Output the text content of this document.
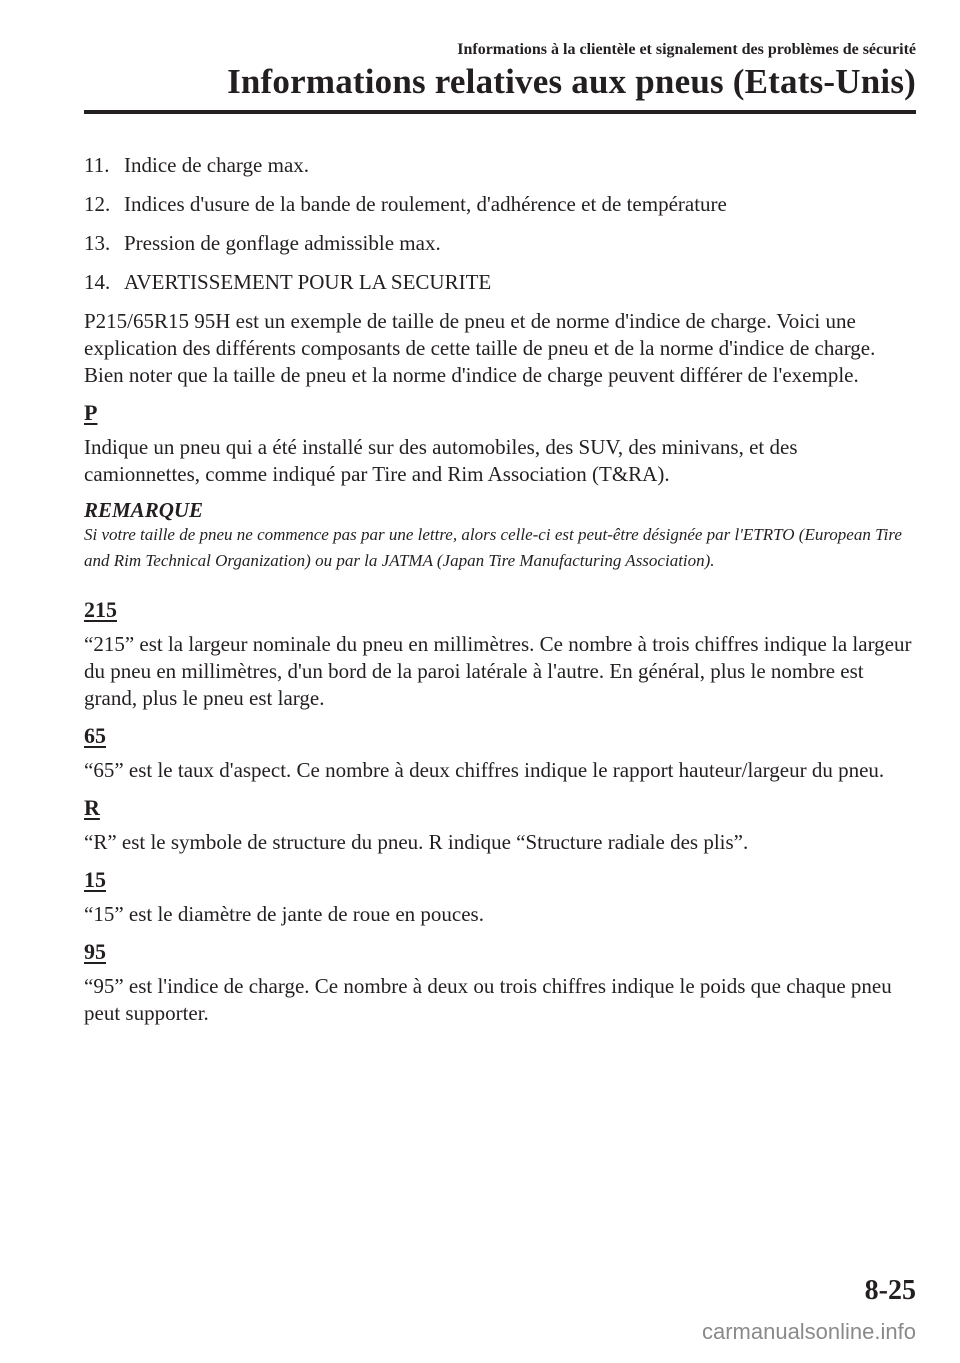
Informations à la clientèle et signalement des problèmes de sécurité

Informations relatives aux pneus (Etats-Unis)
11. Indice de charge max.
12. Indices d'usure de la bande de roulement, d'adhérence et de température
13. Pression de gonflage admissible max.
14. AVERTISSEMENT POUR LA SECURITE

P215/65R15 95H est un exemple de taille de pneu et de norme d'indice de charge. Voici une explication des différents composants de cette taille de pneu et de la norme d'indice de charge. Bien noter que la taille de pneu et la norme d'indice de charge peuvent différer de l'exemple.

P

Indique un pneu qui a été installé sur des automobiles, des SUV, des minivans, et des camionnettes, comme indiqué par Tire and Rim Association (T&RA).

REMARQUE

Si votre taille de pneu ne commence pas par une lettre, alors celle-ci est peut-être désignée par l'ETRTO (European Tire and Rim Technical Organization) ou par la JATMA (Japan Tire Manufacturing Association).

215

“215” est la largeur nominale du pneu en millimètres. Ce nombre à trois chiffres indique la largeur du pneu en millimètres, d'un bord de la paroi latérale à l'autre. En général, plus le nombre est grand, plus le pneu est large.

65

“65” est le taux d'aspect. Ce nombre à deux chiffres indique le rapport hauteur/largeur du pneu.

R

“R” est le symbole de structure du pneu. R indique “Structure radiale des plis”.

15

“15” est le diamètre de jante de roue en pouces.

95

“95” est l'indice de charge. Ce nombre à deux ou trois chiffres indique le poids que chaque pneu peut supporter.

8-25
carmanualsonline.info
